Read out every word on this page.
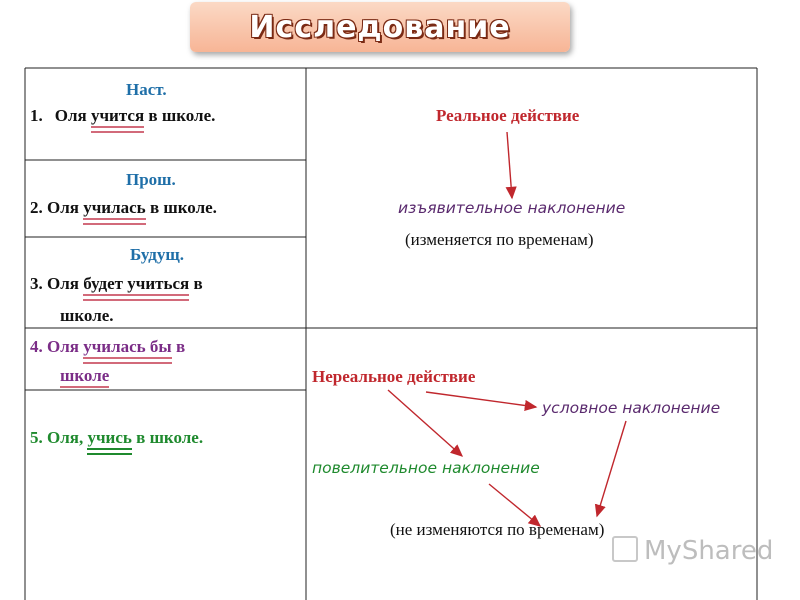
Исследование
Наст.
1. Оля учится в школе.
Прош.
2. Оля училась в школе.
Будущ.
3. Оля будет учиться в
школе.
4. Оля училась бы в
школе
5. Оля, учись в школе.
Реальное действие
изъявительное наклонение
(изменяется по временам)
Нереальное действие
условное наклонение
повелительное наклонение
(не изменяются по временам)
MyShared
